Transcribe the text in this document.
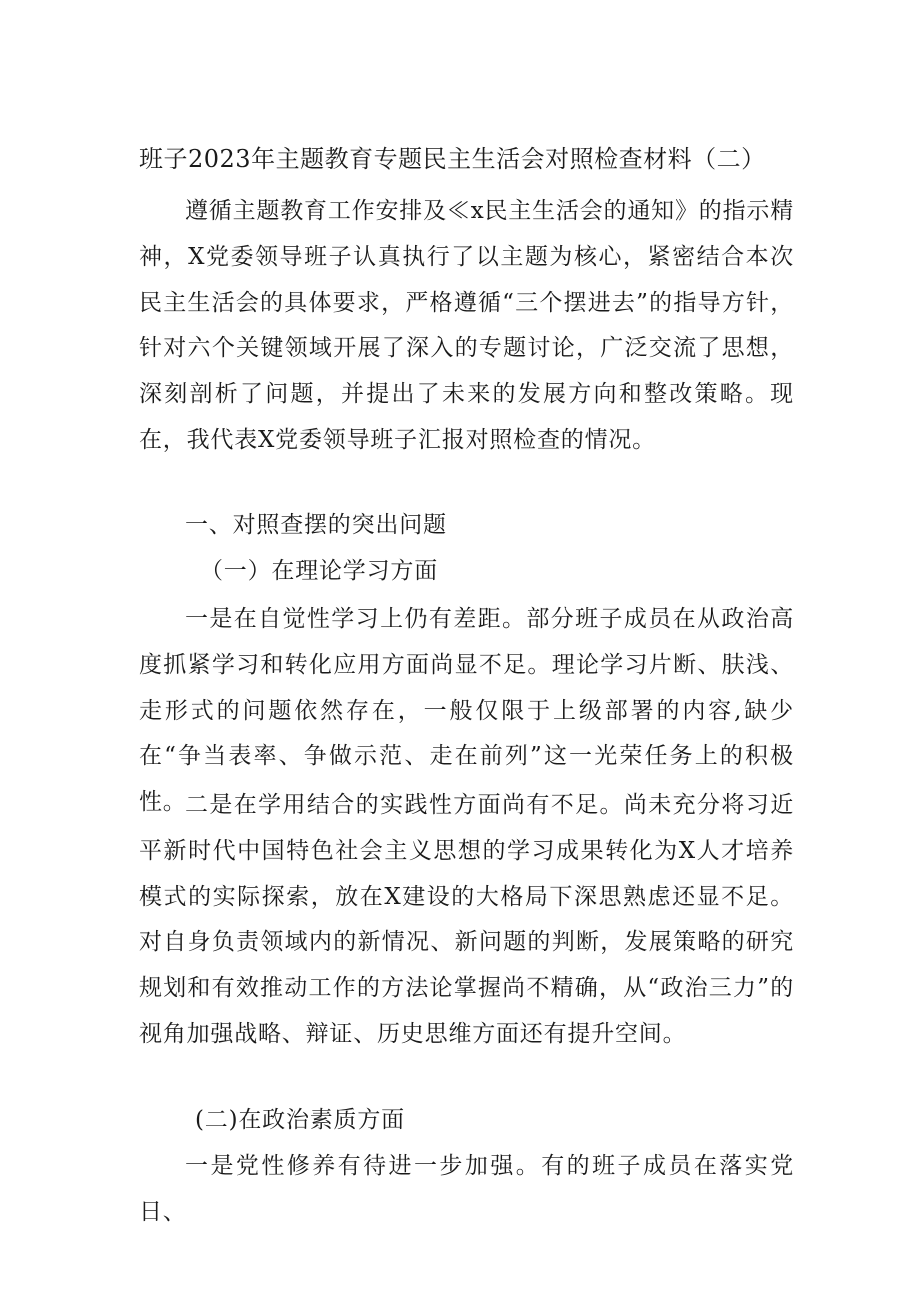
班子2023年主题教育专题民主生活会对照检查材料（二）

遵循主题教育工作安排及≪x民主生活会的通知》的指示精神，X党委领导班子认真执行了以主题为核心，紧密结合本次民主生活会的具体要求，严格遵循“三个摆进去”的指导方针，针对六个关键领域开展了深入的专题讨论，广泛交流了思想，深刻剖析了问题，并提出了未来的发展方向和整改策略。现在，我代表X党委领导班子汇报对照检查的情况。

一、对照查摆的突出问题

（一）在理论学习方面

一是在自觉性学习上仍有差距。部分班子成员在从政治高度抓紧学习和转化应用方面尚显不足。理论学习片断、肤浅、走形式的问题依然存在，一般仅限于上级部署的内容,缺少在“争当表率、争做示范、走在前列”这一光荣任务上的积极性。

二是在学用结合的实践性方面尚有不足。尚未充分将习近平新时代中国特色社会主义思想的学习成果转化为X人才培养模式的实际探索，放在X建设的大格局下深思熟虑还显不足。对自身负责领域内的新情况、新问题的判断，发展策略的研究规划和有效推动工作的方法论掌握尚不精确，从“政治三力”的视角加强战略、辩证、历史思维方面还有提升空间。

(二)在政治素质方面

一是党性修养有待进一步加强。有的班子成员在落实党日、
